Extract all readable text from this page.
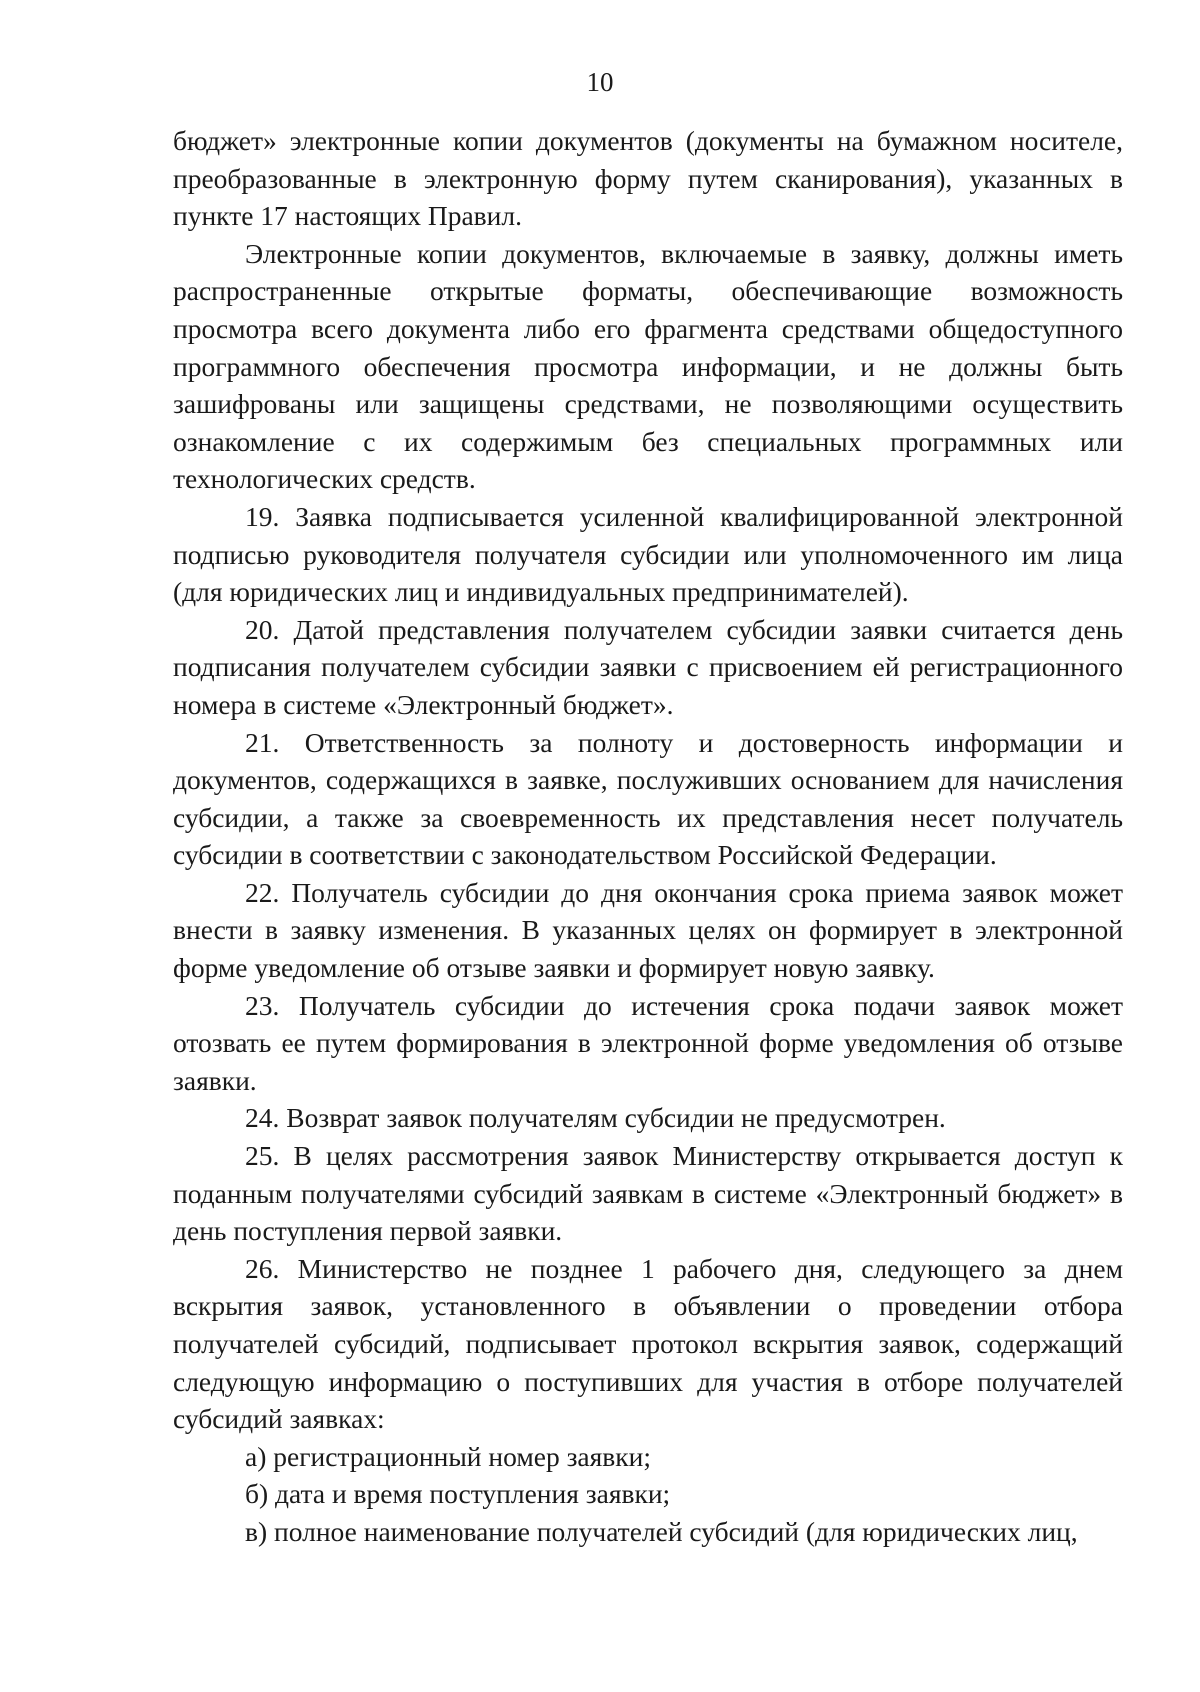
10

бюджет» электронные копии документов (документы на бумажном носителе, преобразованные в электронную форму путем сканирования), указанных в пункте 17 настоящих Правил.

Электронные копии документов, включаемые в заявку, должны иметь распространенные открытые форматы, обеспечивающие возможность просмотра всего документа либо его фрагмента средствами общедоступного программного обеспечения просмотра информации, и не должны быть зашифрованы или защищены средствами, не позволяющими осуществить ознакомление с их содержимым без специальных программных или технологических средств.

19. Заявка подписывается усиленной квалифицированной электронной подписью руководителя получателя субсидии или уполномоченного им лица (для юридических лиц и индивидуальных предпринимателей).

20. Датой представления получателем субсидии заявки считается день подписания получателем субсидии заявки с присвоением ей регистрационного номера в системе «Электронный бюджет».

21. Ответственность за полноту и достоверность информации и документов, содержащихся в заявке, послуживших основанием для начисления субсидии, а также за своевременность их представления несет получатель субсидии в соответствии с законодательством Российской Федерации.

22. Получатель субсидии до дня окончания срока приема заявок может внести в заявку изменения. В указанных целях он формирует в электронной форме уведомление об отзыве заявки и формирует новую заявку.

23. Получатель субсидии до истечения срока подачи заявок может отозвать ее путем формирования в электронной форме уведомления об отзыве заявки.

24. Возврат заявок получателям субсидии не предусмотрен.

25. В целях рассмотрения заявок Министерству открывается доступ к поданным получателями субсидий заявкам в системе «Электронный бюджет» в день поступления первой заявки.

26. Министерство не позднее 1 рабочего дня, следующего за днем вскрытия заявок, установленного в объявлении о проведении отбора получателей субсидий, подписывает протокол вскрытия заявок, содержащий следующую информацию о поступивших для участия в отборе получателей субсидий заявках:

а) регистрационный номер заявки;

б) дата и время поступления заявки;

в) полное наименование получателей субсидий (для юридических лиц,
